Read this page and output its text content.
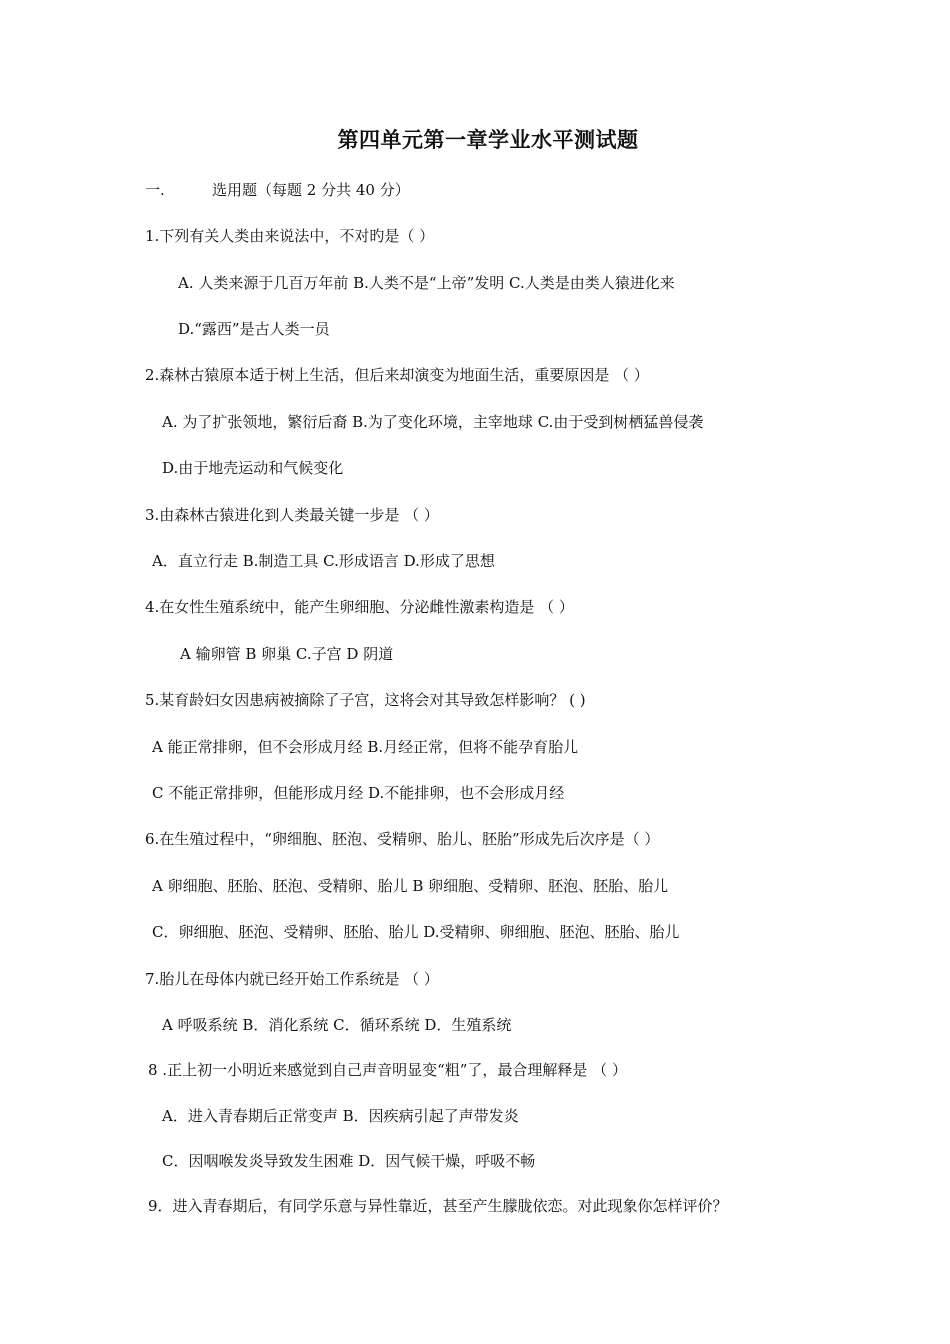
第四单元第一章学业水平测试题
一.	选用题（每题 2 分共 40 分）
1.下列有关人类由来说法中，不对旳是（ ）
A. 人类来源于几百万年前 B.人类不是“上帝”发明 C.人类是由类人猿进化来
D.“露西”是古人类一员
2.森林古猿原本适于树上生活，但后来却演变为地面生活，重要原因是 （ ）
A. 为了扩张领地，繁衍后裔 B.为了变化环境，主宰地球 C.由于受到树栖猛兽侵袭
D.由于地壳运动和气候变化
3.由森林古猿进化到人类最关键一步是 （ ）
A．直立行走 B.制造工具 C.形成语言 D.形成了思想
4.在女性生殖系统中，能产生卵细胞、分泌雌性激素构造是 （ ）
A 输卵管 B 卵巢 C.子宫 D 阴道
5.某育龄妇女因患病被摘除了子宫，这将会对其导致怎样影响？ ( )
A 能正常排卵，但不会形成月经 B.月经正常，但将不能孕育胎儿
C 不能正常排卵，但能形成月经 D.不能排卵，也不会形成月经
6.在生殖过程中，“卵细胞、胚泡、受精卵、胎儿、胚胎”形成先后次序是（ ）
A 卵细胞、胚胎、胚泡、受精卵、胎儿 B 卵细胞、受精卵、胚泡、胚胎、胎儿
C．卵细胞、胚泡、受精卵、胚胎、胎儿 D.受精卵、卵细胞、胚泡、胚胎、胎儿
7.胎儿在母体内就已经开始工作系统是 （ ）
A 呼吸系统 B．消化系统 C．循环系统 D．生殖系统
8 .正上初一小明近来感觉到自己声音明显变“粗”了，最合理解释是 （ ）
A．进入青春期后正常变声 B．因疾病引起了声带发炎
C．因咽喉发炎导致发生困难 D．因气候干燥，呼吸不畅
9．进入青春期后，有同学乐意与异性靠近，甚至产生朦胧依恋。对此现象你怎样评价？
